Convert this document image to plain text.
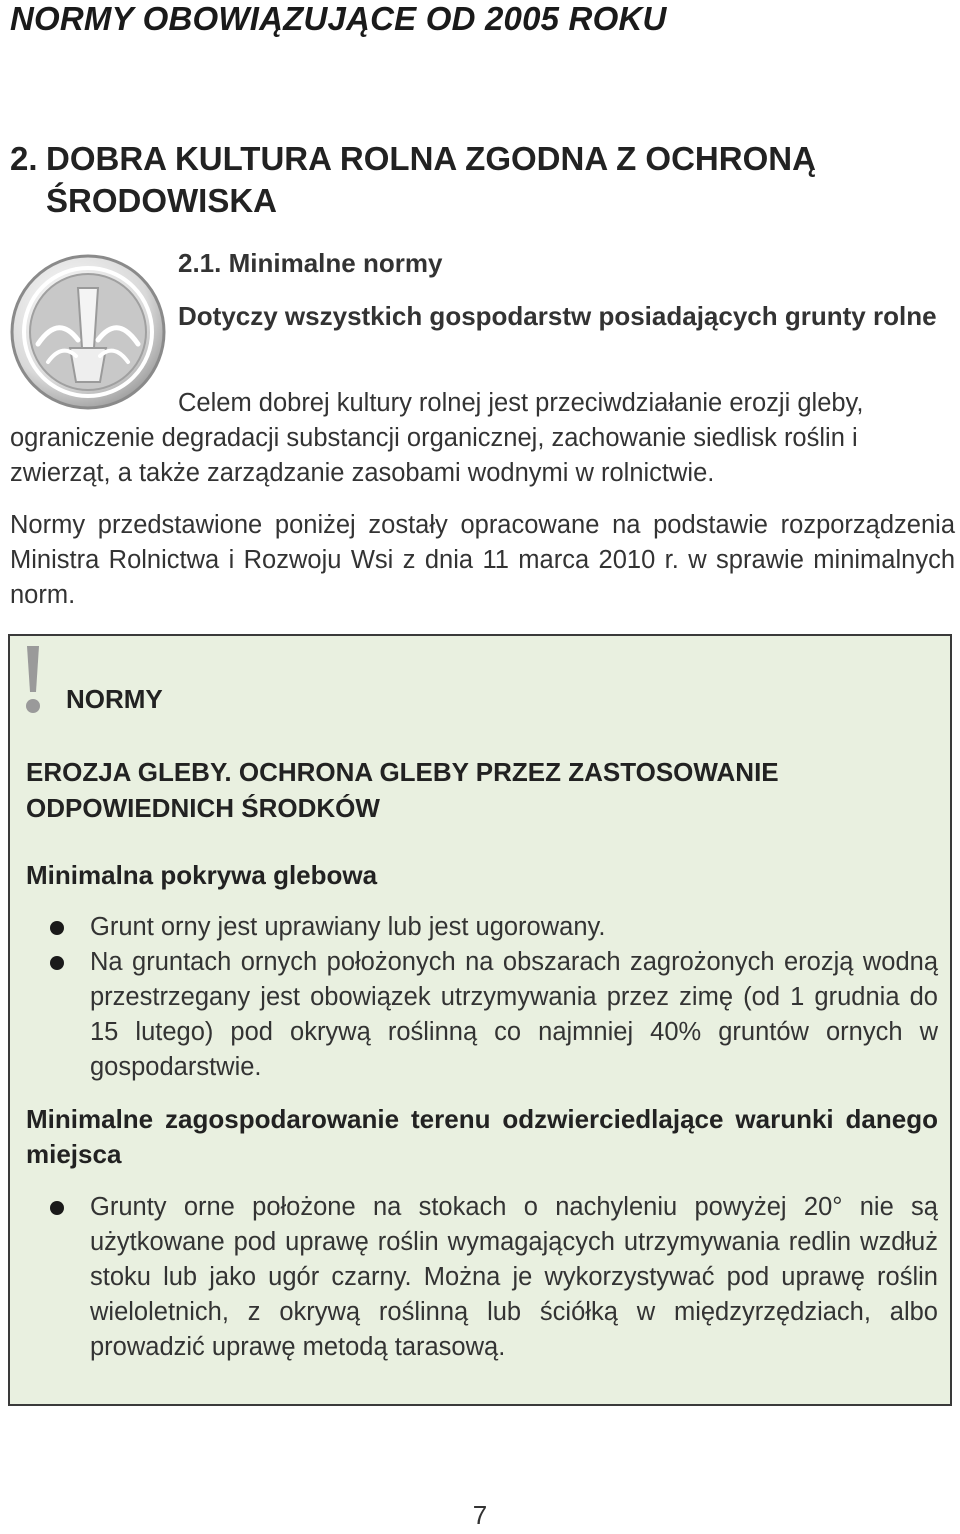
NORMY OBOWIĄZUJĄCE OD 2005 ROKU
2. DOBRA KULTURA ROLNA ZGODNA Z OCHRONĄ
ŚRODOWISKA
2.1. Minimalne normy

Dotyczy wszystkich gospodarstw posiadających grunty rolne

Celem dobrej kultury rolnej jest przeciwdziałanie erozji gleby, ograniczenie degradacji substancji organicznej, zachowanie siedlisk roślin i zwierząt, a także zarządzanie zasobami wodnymi w rolnictwie.

Normy przedstawione poniżej zostały opracowane na podstawie rozporządzenia Ministra Rolnictwa i Rozwoju Wsi z dnia 11 marca 2010 r. w sprawie minimalnych norm.

NORMY

EROZJA GLEBY. OCHRONA GLEBY PRZEZ ZASTOSOWANIE ODPOWIEDNICH ŚRODKÓW

Minimalna pokrywa glebowa

Grunt orny jest uprawiany lub jest ugorowany.
Na gruntach ornych położonych na obszarach zagrożonych erozją wodną przestrzegany jest obowiązek utrzymywania przez zimę (od 1 grudnia do 15 lutego) pod okrywą roślinną co najmniej 40% gruntów ornych w gospodarstwie.

Minimalne zagospodarowanie terenu odzwierciedlające warunki danego miejsca

Grunty orne położone na stokach o nachyleniu powyżej 20° nie są użytkowane pod uprawę roślin wymagających utrzymywania redlin wzdłuż stoku lub jako ugór czarny. Można je wykorzystywać pod uprawę roślin wieloletnich, z okrywą roślinną lub ściółką w międzyrzędziach, albo prowadzić uprawę metodą tarasową.

7
